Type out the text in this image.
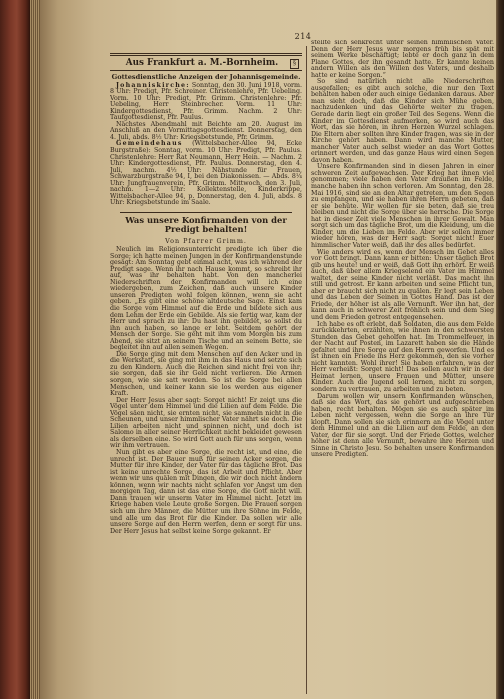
214
Aus Frankfurt a. M.-Bornheim.	§
Gottesdienstliche Anzeigen der Johannisgemeinde.

Johanniskirche: Sonntag, den 30. Juni 1918, vorm. 8 Uhr: Predigt, Pfr. Schreiner. Christenlehre, Pfr. Uebeling. Vorm. 10 Uhr: Predigt, Pfr. Grimm. Christenlehre: Pfr. Uebeling, Herr Steinbrecher. Vorm. 11 Uhr: Kindergottesdienst, Pfr. Grimm. Nachm. 2 Uhr: Taufgottesdienst, Pfr. Paulus.

Nächstes Abendmahl mit Beichte am 20. August im Anschluß an den Vormittagsgottesdienst. Donnerstag, den 4. Juli, abds. 8½ Uhr: Kriegsbetstunde, Pfr. Grimm.

Gemeindehaus (Wittelsbacher-Allee 94, Ecke Burgstraße): Sonntag, vorm. 10 Uhr: Predigt, Pfr. Paulus. Christenlehre: Herr Rat Neumann, Herr Hein. — Nachm. 2 Uhr: Kindergottesdienst, Pfr. Paulus. Donnerstag, den 4. Juli, nachm. 4½ Uhr: Nähstunde für Frauen, Schwarzburgstraße 94, I, bei den Diakonissen. — Abds. 8¼ Uhr: Jungfrauenverein, Pfr. Grimm. Mittwoch, den 3. Juli, nachm. 1—2 Uhr: Kollektenstelle, Kinderkrippe, Wittelsbacher-Allee 94, p. Donnerstag, den 4. Juli, abds. 8 Uhr: Kriegsbetstunde im Saale.

Was unsere Konfirmanden von der Predigt behalten!
Von Pfarrer Grimm.

Neulich im Religionsunterricht predigte ich über die Sorge; ich hatte meinen Jungen in der Konfirmandenstunde gesagt: Am Sonntag gebt einmal acht, was ich während der Predigt sage. Wenn ihr nach Hause kommt, so schreibt ihr auf, was ihr behalten habt. Von den mancherlei Niederschriften der Konfirmanden will ich eine wiedergeben, zum Zeichen, daß auch unsere Kinder unseren Predigten wohl folgen können, wenn sie acht geben. „Es gibt eine schöne altdeutsche Sage. Einst kam die Sorge vom Himmel auf die Erde und bildete sich aus dem Lehm der Erde ein Gebilde. Als sie fertig war, kam der Herr und sprach zu ihr: Du hast ihn gebildet, so sollst du ihn auch haben, so lange er lebt. Seitdem gehört der Mensch der Sorge. Sie geht mit ihm vom Morgen bis zum Abend, sie sitzt an seinem Tische und an seinem Bette, sie begleitet ihn auf allen seinen Wegen.

Die Sorge ging mit dem Menschen auf den Acker und in die Werkstatt, sie ging mit ihm in das Haus und setzte sich zu den Kindern. Auch die Reichen sind nicht frei von ihr; sie sorgen, daß sie ihr Geld nicht verlieren. Die Armen sorgen, wie sie satt werden. So ist die Sorge bei allen Menschen, und keiner kann sie los werden aus eigener Kraft.

Der Herr Jesus aber sagt: Sorget nicht! Er zeigt uns die Vögel unter dem Himmel und die Lilien auf dem Felde. Die Vögel säen nicht, sie ernten nicht, sie sammeln nicht in die Scheunen, und unser himmlischer Vater nährt sie doch. Die Lilien arbeiten nicht und spinnen nicht, und doch ist Salomo in aller seiner Herrlichkeit nicht bekleidet gewesen als derselben eine. So wird Gott auch für uns sorgen, wenn wir ihm vertrauen.

Nun gibt es aber eine Sorge, die recht ist, und eine, die unrecht ist. Der Bauer muß für seinen Acker sorgen, die Mutter für ihre Kinder, der Vater für das tägliche Brot. Das ist keine unrechte Sorge, das ist Arbeit und Pflicht. Aber wenn wir uns quälen mit Dingen, die wir doch nicht ändern können, wenn wir nachts nicht schlafen vor Angst um den morgigen Tag, dann ist das eine Sorge, die Gott nicht will. Dann trauen wir unserm Vater im Himmel nicht. Jetzt im Kriege haben viele Leute große Sorgen. Die Frauen sorgen sich um ihre Männer, die Mütter um ihre Söhne im Felde, und alle um das Brot für die Kinder. Da sollen wir alle unsere Sorge auf den Herrn werfen, denn er sorgt für uns. Der Herr Jesus hat selbst keine Sorge gekannt. Er

stellte sich senkrecht unter seinen himmlischen Vater. Denn der Herr Jesus war morgens früh bis spät mit seinem Werke beschäftigt; lebte er doch ganz in dem Plane Gottes, der ihn gesandt hatte. Er kannte keinen andern Willen als den Willen des Vaters, und deshalb hatte er keine Sorgen.“

So sind natürlich nicht alle Niederschriften ausgefallen; es gibt auch solche, die nur den Text behalten haben oder auch einige Gedanken daraus. Aber man sieht doch, daß die Kinder sich Mühe geben, nachzudenken und das Gehörte weiter zu tragen. Gerade darin liegt ein großer Teil des Segens. Wenn die Kinder im Gottesdienst aufmerken, so wird auch das Wort, das sie hören, in ihren Herzen Wurzel schlagen. Die Eltern aber sollten ihre Kinder fragen, was sie in der Kirche gehört haben. Dann wird manche Mutter, mancher Vater auch selbst wieder an das Wort Gottes erinnert werden, und das ganze Haus wird einen Segen davon haben.

Unsere Konfirmanden sind in diesen Jahren in einer schweren Zeit aufgewachsen. Der Krieg hat ihnen viel genommen; viele haben den Vater draußen im Felde, manche haben ihn schon verloren. Am Sonntag, den 28. Mai 1916, sind sie an den Altar getreten, um den Segen zu empfangen, und sie haben ihren Herrn gebeten, daß er sie behüte. Wir wollen für sie beten, daß sie treu bleiben und nicht die Sorge über sie herrsche. Die Sorge hat in dieser Zeit viele Menschen in ihrer Gewalt. Man sorgt sich um das tägliche Brot, um die Kleidung, um die Kinder, um die Lieben im Felde. Aber wir sollen immer wieder hören, was der Herr sagt: Sorget nicht! Euer himmlischer Vater weiß, daß ihr des alles bedürfet.

Wie anders wird es, wenn der Mensch im Gebet alles vor Gott bringt. Dann kann er bitten: Unser täglich Brot gib uns heute! und er weiß, daß Gott ihn erhört. Er weiß auch, daß über allem Kriegselend ein Vater im Himmel waltet, der seine Kinder nicht verläßt. Das macht ihn still und getrost. Er kann arbeiten und seine Pflicht tun, aber er braucht sich nicht zu quälen. Er legt sein Leben und das Leben der Seinen in Gottes Hand. Das ist der Friede, der höher ist als alle Vernunft. Wer ihn hat, der kann auch in schwerer Zeit fröhlich sein und dem Sieg und dem Frieden getrost entgegensehen.

Ich habe es oft erlebt, daß Soldaten, die aus dem Felde zurückkehrten, erzählten, wie ihnen in den schwersten Stunden das Gebet geholfen hat. Im Trommelfeuer, in der Nacht auf Posten, im Lazarett haben sie die Hände gefaltet und ihre Sorge auf den Herrn geworfen. Und es ist ihnen ein Friede ins Herz gekommen, den sie vorher nicht kannten. Wohl ihrer! Sie haben erfahren, was der Herr verheißt: Sorget nicht! Das sollen auch wir in der Heimat lernen, unsere Frauen und Mütter, unsere Kinder. Auch die Jugend soll lernen, nicht zu sorgen, sondern zu vertrauen, zu arbeiten und zu beten.

Darum wollen wir unsern Konfirmanden wünschen, daß sie das Wort, das sie gehört und aufgeschrieben haben, recht behalten. Mögen sie es auch später im Leben nicht vergessen, wenn die Sorge an ihre Tür klopft. Dann sollen sie sich erinnern an die Vögel unter dem Himmel und an die Lilien auf dem Felde, an den Vater, der für sie sorgt. Und der Friede Gottes, welcher höher ist denn alle Vernunft, bewahre ihre Herzen und Sinne in Christo Jesu. So behalten unsere Konfirmanden unsere Predigten.
